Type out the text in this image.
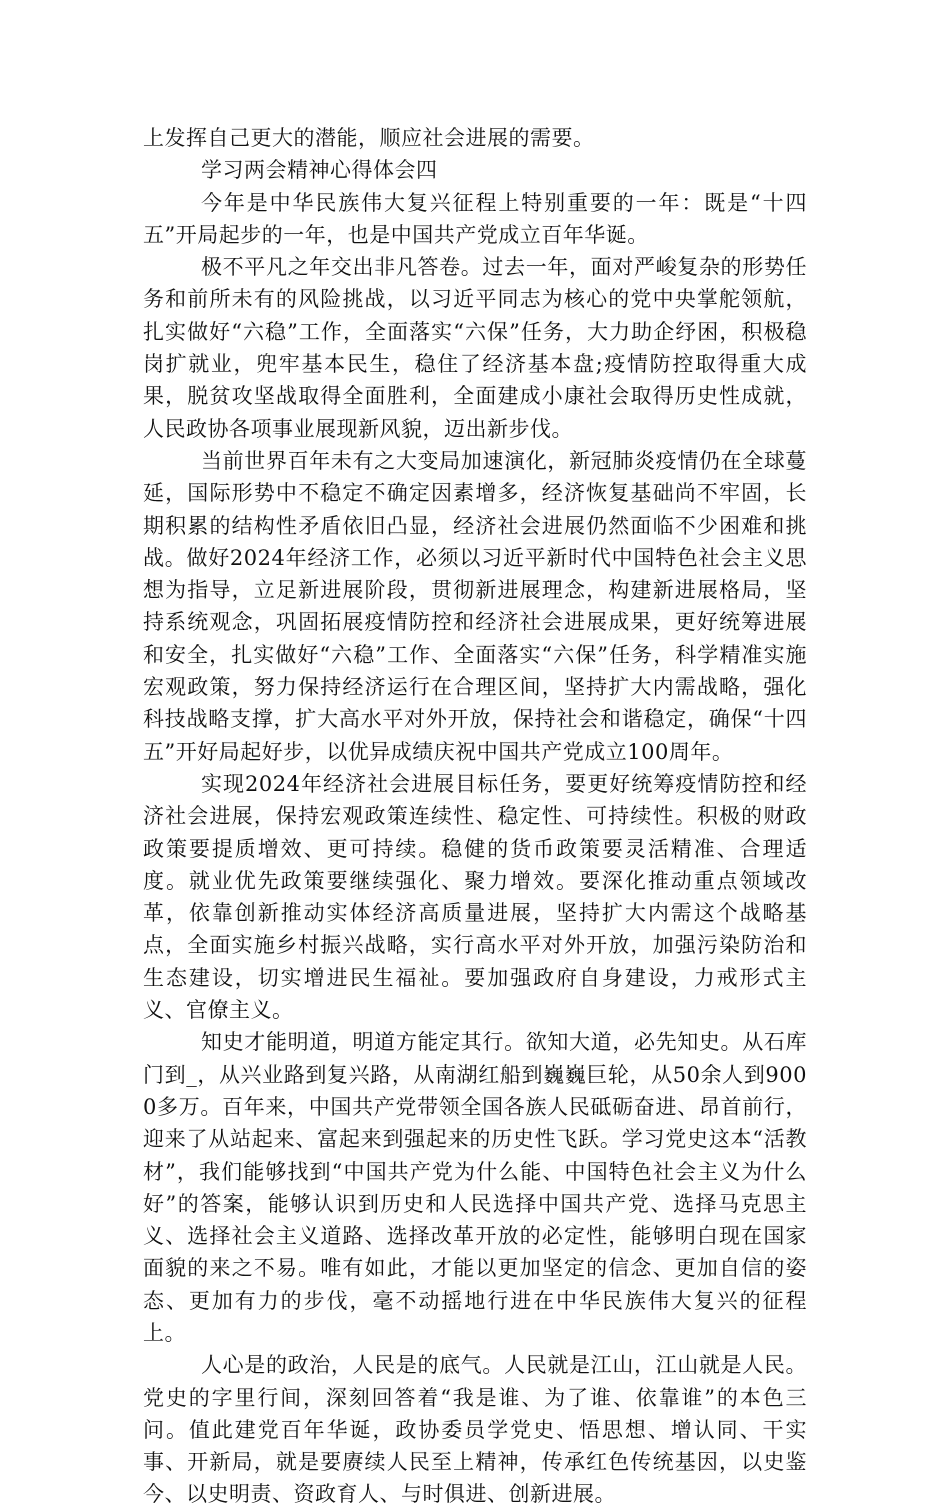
上发挥自己更大的潜能，顺应社会进展的需要。

学习两会精神心得体会四

今年是中华民族伟大复兴征程上特别重要的一年：既是“十四五”开局起步的一年，也是中国共产党成立百年华诞。

极不平凡之年交出非凡答卷。过去一年，面对严峻复杂的形势任务和前所未有的风险挑战，以习近平同志为核心的党中央掌舵领航，扎实做好“六稳”工作，全面落实“六保”任务，大力助企纾困，积极稳岗扩就业，兜牢基本民生，稳住了经济基本盘;疫情防控取得重大成果，脱贫攻坚战取得全面胜利，全面建成小康社会取得历史性成就，人民政协各项事业展现新风貌，迈出新步伐。

当前世界百年未有之大变局加速演化，新冠肺炎疫情仍在全球蔓延，国际形势中不稳定不确定因素增多，经济恢复基础尚不牢固，长期积累的结构性矛盾依旧凸显，经济社会进展仍然面临不少困难和挑战。做好2024年经济工作，必须以习近平新时代中国特色社会主义思想为指导，立足新进展阶段，贯彻新进展理念，构建新进展格局，坚持系统观念，巩固拓展疫情防控和经济社会进展成果，更好统筹进展和安全，扎实做好“六稳”工作、全面落实“六保”任务，科学精准实施宏观政策，努力保持经济运行在合理区间，坚持扩大内需战略，强化科技战略支撑，扩大高水平对外开放，保持社会和谐稳定，确保“十四五”开好局起好步，以优异成绩庆祝中国共产党成立100周年。

实现2024年经济社会进展目标任务，要更好统筹疫情防控和经济社会进展，保持宏观政策连续性、稳定性、可持续性。积极的财政政策要提质增效、更可持续。稳健的货币政策要灵活精准、合理适度。就业优先政策要继续强化、聚力增效。要深化推动重点领域改革，依靠创新推动实体经济高质量进展，坚持扩大内需这个战略基点，全面实施乡村振兴战略，实行高水平对外开放，加强污染防治和生态建设，切实增进民生福祉。要加强政府自身建设，力戒形式主义、官僚主义。

知史才能明道，明道方能定其行。欲知大道，必先知史。从石库门到_，从兴业路到复兴路，从南湖红船到巍巍巨轮，从50余人到9000多万。百年来，中国共产党带领全国各族人民砥砺奋进、昂首前行，迎来了从站起来、富起来到强起来的历史性飞跃。学习党史这本“活教材”，我们能够找到“中国共产党为什么能、中国特色社会主义为什么好”的答案，能够认识到历史和人民选择中国共产党、选择马克思主义、选择社会主义道路、选择改革开放的必定性，能够明白现在国家面貌的来之不易。唯有如此，才能以更加坚定的信念、更加自信的姿态、更加有力的步伐，毫不动摇地行进在中华民族伟大复兴的征程上。

人心是的政治，人民是的底气。人民就是江山，江山就是人民。党史的字里行间，深刻回答着“我是谁、为了谁、依靠谁”的本色三问。值此建党百年华诞，政协委员学党史、悟思想、增认同、干实事、开新局，就是要赓续人民至上精神，传承红色传统基因，以史鉴今、以史明责、资政育人、与时俱进、创新进展。
